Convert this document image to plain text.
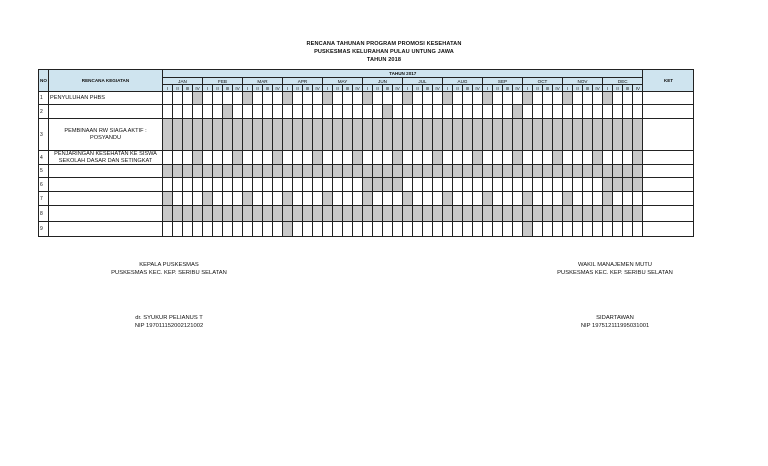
RENCANA TAHUNAN PROGRAM PROMOSI KESEHATAN
PUSKESMAS KELURAHAN PULAU UNTUNG JAWA
TAHUN 2018
NO	RENCANA KEGIATAN	TAHUN 2017																																																KET
		JAN				FEB				MAR				APR				MAY				JUN				JUL				AUG				SEP				OCT				NOV				DEC				
		I	II	III	IV	I	II	III	IV	I	II	III	IV	I	II	III	IV	I	II	III	IV	I	II	III	IV	I	II	III	IV	I	II	III	IV	I	II	III	IV	I	II	III	IV	I	II	III	IV	I	II	III	IV	
1	PENYULUHAN PHBS																																																	
2																																																		
3	PEMBINAAN RW SIAGA AKTIF : POSYANDU																																																	
4	PENJARINGAN KESEHATAN KE SISWA SEKOLAH DASAR DAN SETINGKAT																																																	
5																																																		
6																																																		
7																																																		
8																																																		
9																																																		
KEPALA PUSKESMAS
PUSKESMAS KEC. KEP. SERIBU SELATAN
dr. SYUKUR PELIANUS T
NIP 197011152002121002
WAKIL MANAJEMEN MUTU
PUSKESMAS KEC. KEP. SERIBU SELATAN
SIDARTAWAN
NIP 197512111995031001
